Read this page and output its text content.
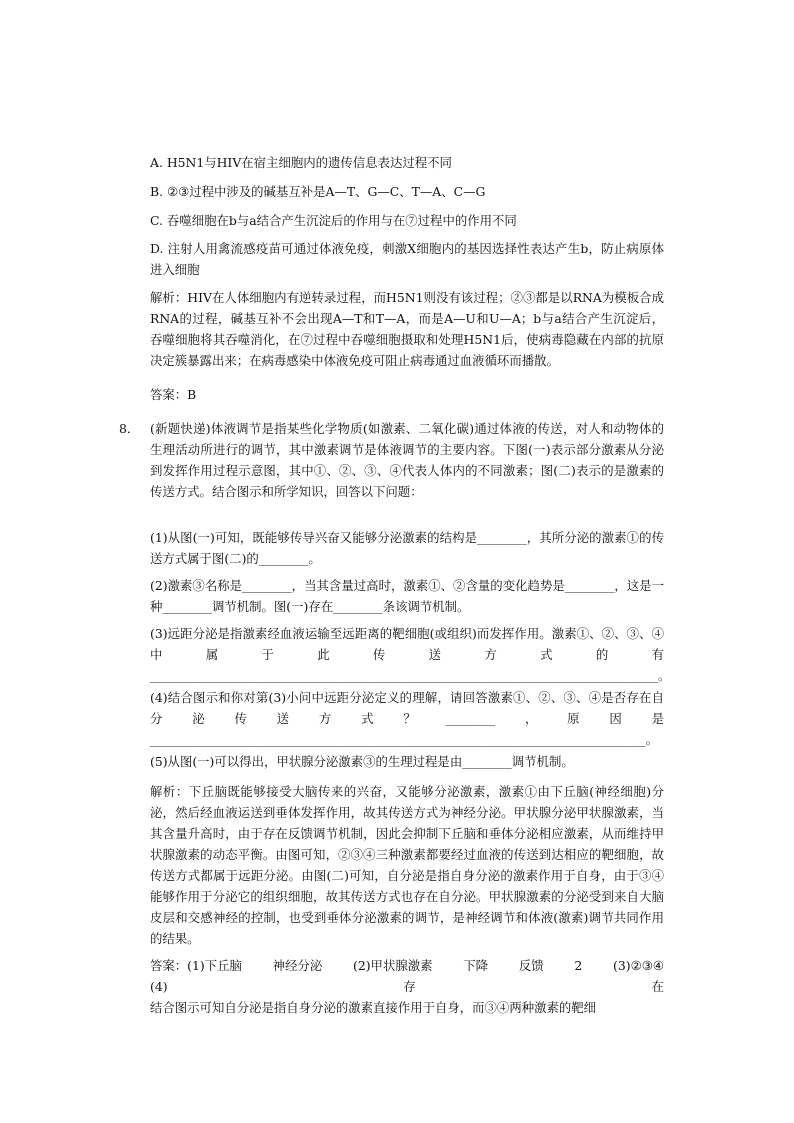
A. H5N1与HIV在宿主细胞内的遗传信息表达过程不同

B. ②③过程中涉及的碱基互补是A—T、G—C、T—A、C—G

C. 吞噬细胞在b与a结合产生沉淀后的作用与在⑦过程中的作用不同

D. 注射人用禽流感疫苗可通过体液免疫，刺激X细胞内的基因选择性表达产生b，防止病原体进入细胞

解析：HIV在人体细胞内有逆转录过程，而H5N1则没有该过程；②③都是以RNA为模板合成RNA的过程，碱基互补不会出现A—T和T—A，而是A—U和U—A；b与a结合产生沉淀后，吞噬细胞将其吞噬消化，在⑦过程中吞噬细胞摄取和处理H5N1后，使病毒隐藏在内部的抗原决定簇暴露出来；在病毒感染中体液免疫可阻止病毒通过血液循环而播散。

答案：B

8． (新题快递)体液调节是指某些化学物质(如激素、二氧化碳)通过体液的传送，对人和动物体的生理活动所进行的调节，其中激素调节是体液调节的主要内容。下图(一)表示部分激素从分泌到发挥作用过程示意图，其中①、②、③、④代表人体内的不同激素；图(二)表示的是激素的传送方式。结合图示和所学知识，回答以下问题：

(1)从图(一)可知，既能够传导兴奋又能够分泌激素的结构是________，其所分泌的激素①的传送方式属于图(二)的________。

(2)激素③名称是________，当其含量过高时，激素①、②含量的变化趋势是________，这是一种________调节机制。图(一)存在________条该调节机制。

(3)远距分泌是指激素经血液运输至远距离的靶细胞(或组织)而发挥作用。激素①、②、③、④中属于此传送方式的有__________________________________________________________________________________。

(4)结合图示和你对第(3)小问中远距分泌定义的理解，请回答激素①、②、③、④是否存在自分泌传送方式？________，原因是________________________________________________________________________________。

(5)从图(一)可以得出，甲状腺分泌激素③的生理过程是由________调节机制。

解析：下丘脑既能够接受大脑传来的兴奋，又能够分泌激素，激素①由下丘脑(神经细胞)分泌，然后经血液运送到垂体发挥作用，故其传送方式为神经分泌。甲状腺分泌甲状腺激素，当其含量升高时，由于存在反馈调节机制，因此会抑制下丘脑和垂体分泌相应激素，从而维持甲状腺激素的动态平衡。由图可知，②③④三种激素都要经过血液的传送到达相应的靶细胞，故传送方式都属于远距分泌。由图(二)可知，自分泌是指自身分泌的激素作用于自身，由于③④能够作用于分泌它的组织细胞，故其传送方式也存在自分泌。甲状腺激素的分泌受到来自大脑皮层和交感神经的控制，也受到垂体分泌激素的调节，是神经调节和体液(激素)调节共同作用的结果。

答案：(1)下丘脑 神经分泌 (2)甲状腺激素 下降 反馈 2 (3)②③④
(4)	存	在
结合图示可知自分泌是指自身分泌的激素直接作用于自身，而③④两种激素的靶细
